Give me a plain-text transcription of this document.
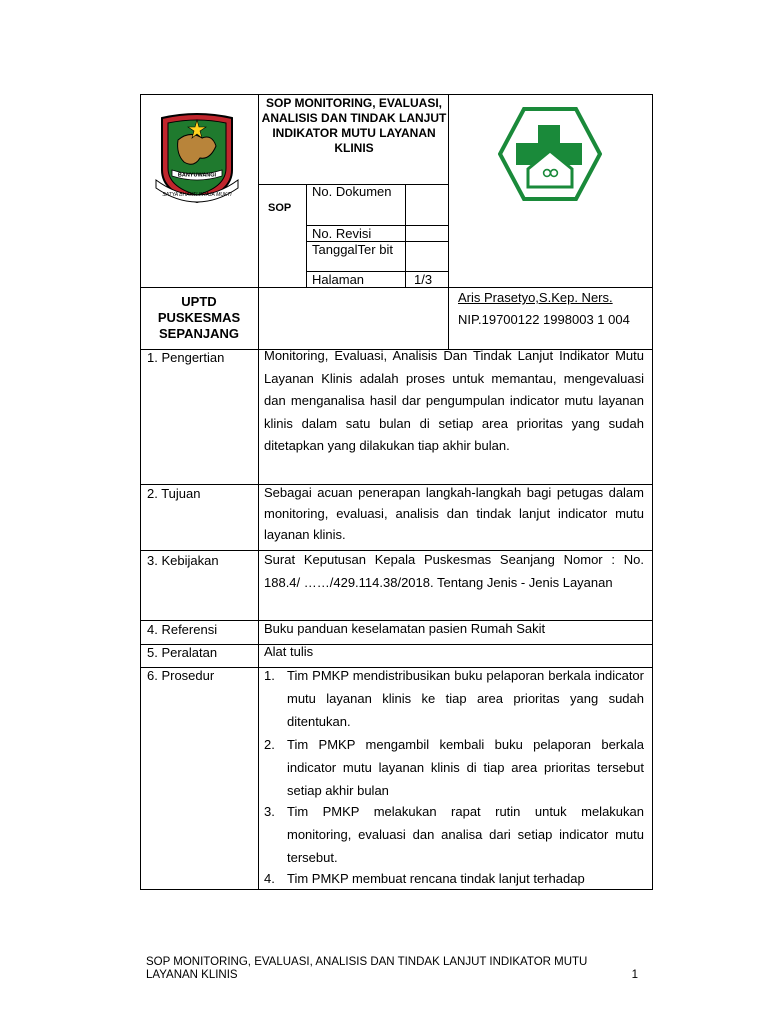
BANYUWANGI
SATYA BHAKTI PRAJA MUKTI
SOP MONITORING, EVALUASI, ANALISIS DAN TINDAK LANJUT INDIKATOR MUTU LAYANAN KLINIS
SOP
No. Dokumen
No. Revisi
TanggalTer bit
Halaman	1/3
UPTD PUSKESMAS SEPANJANG
Aris Prasetyo,S.Kep. Ners.
NIP.19700122 1998003 1 004
1. Pengertian
2. Tujuan
3. Kebijakan
4. Referensi
5. Peralatan
6. Prosedur
Monitoring, Evaluasi, Analisis Dan Tindak Lanjut Indikator Mutu Layanan Klinis adalah proses untuk memantau, mengevaluasi dan menganalisa hasil dar pengumpulan indicator mutu layanan klinis dalam satu bulan di setiap area prioritas yang sudah ditetapkan yang dilakukan tiap akhir bulan.
Sebagai acuan penerapan langkah-langkah bagi petugas dalam monitoring, evaluasi, analisis dan tindak lanjut indicator mutu layanan klinis.
Surat Keputusan Kepala Puskesmas Seanjang Nomor : No. 188.4/ ……/429.114.38/2018. Tentang Jenis - Jenis Layanan
Buku panduan keselamatan pasien Rumah Sakit
Alat tulis
1. Tim PMKP mendistribusikan buku pelaporan berkala indicator mutu layanan klinis ke tiap area prioritas yang sudah ditentukan.
2. Tim PMKP mengambil kembali buku pelaporan berkala indicator mutu layanan klinis di tiap area prioritas tersebut setiap akhir bulan
3. Tim PMKP melakukan rapat rutin untuk melakukan monitoring, evaluasi dan analisa dari setiap indicator mutu tersebut.
4. Tim PMKP membuat rencana tindak lanjut terhadap
SOP MONITORING, EVALUASI, ANALISIS DAN TINDAK LANJUT INDIKATOR MUTU LAYANAN KLINIS	1
